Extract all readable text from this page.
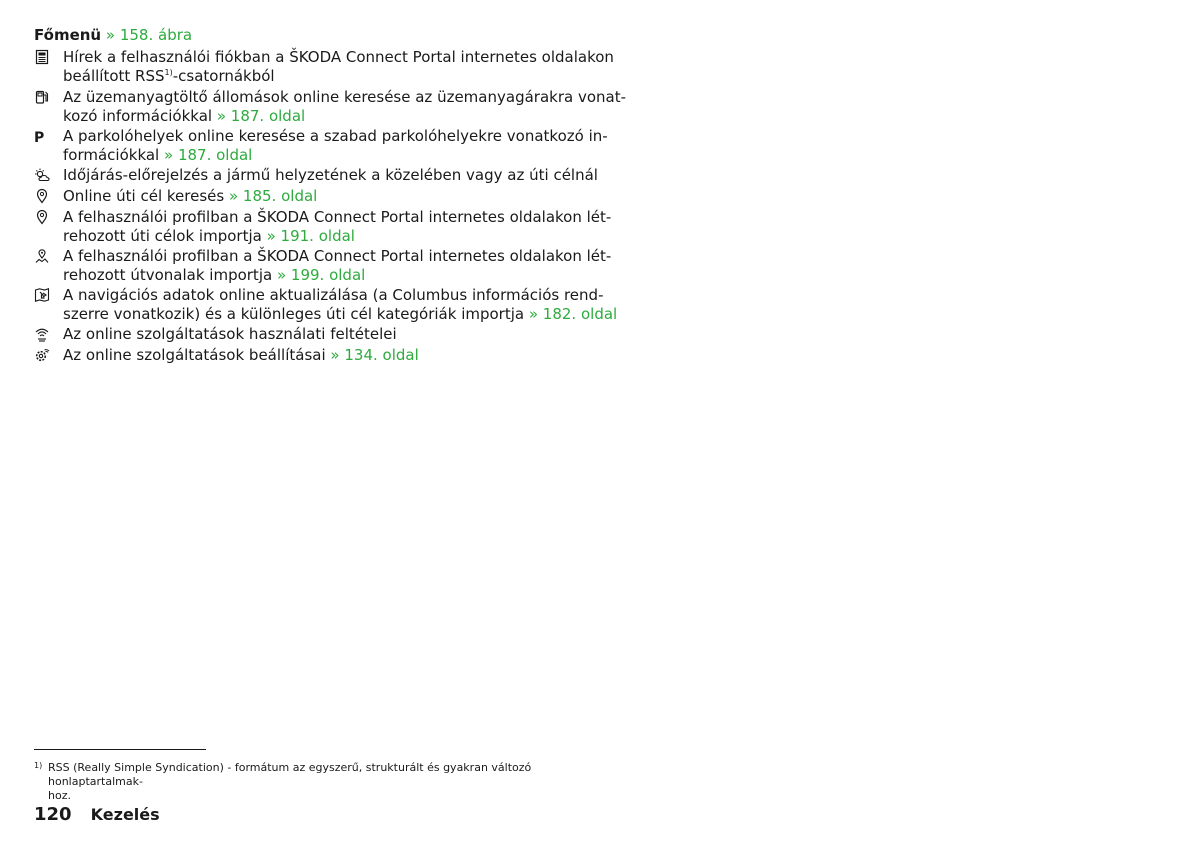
Főmenü » 158. ábra
Hírek a felhasználói fiókban a ŠKODA Connect Portal internetes oldalakon
beállított RSS$^{1)}$-csatornákból
Az üzemanyagtöltő állomások online keresése az üzemanyagárakra vonat-
kozó információkkal » 187. oldal
P	A parkolóhelyek online keresése a szabad parkolóhelyekre vonatkozó in-
formációkkal » 187. oldal
Időjárás-előrejelzés a jármű helyzetének a közelében vagy az úti célnál
Online úti cél keresés » 185. oldal
A felhasználói profilban a ŠKODA Connect Portal internetes oldalakon lét-
rehozott úti célok importja » 191. oldal
A felhasználói profilban a ŠKODA Connect Portal internetes oldalakon lét-
rehozott útvonalak importja » 199. oldal
A navigációs adatok online aktualizálása (a Columbus információs rend-
szerre vonatkozik) és a különleges úti cél kategóriák importja » 182. oldal
Az online szolgáltatások használati feltételei
Az online szolgáltatások beállításai » 134. oldal
1) RSS (Really Simple Syndication) - formátum az egyszerű, strukturált és gyakran változó honlaptartalmak-
hoz.
120 Kezelés
